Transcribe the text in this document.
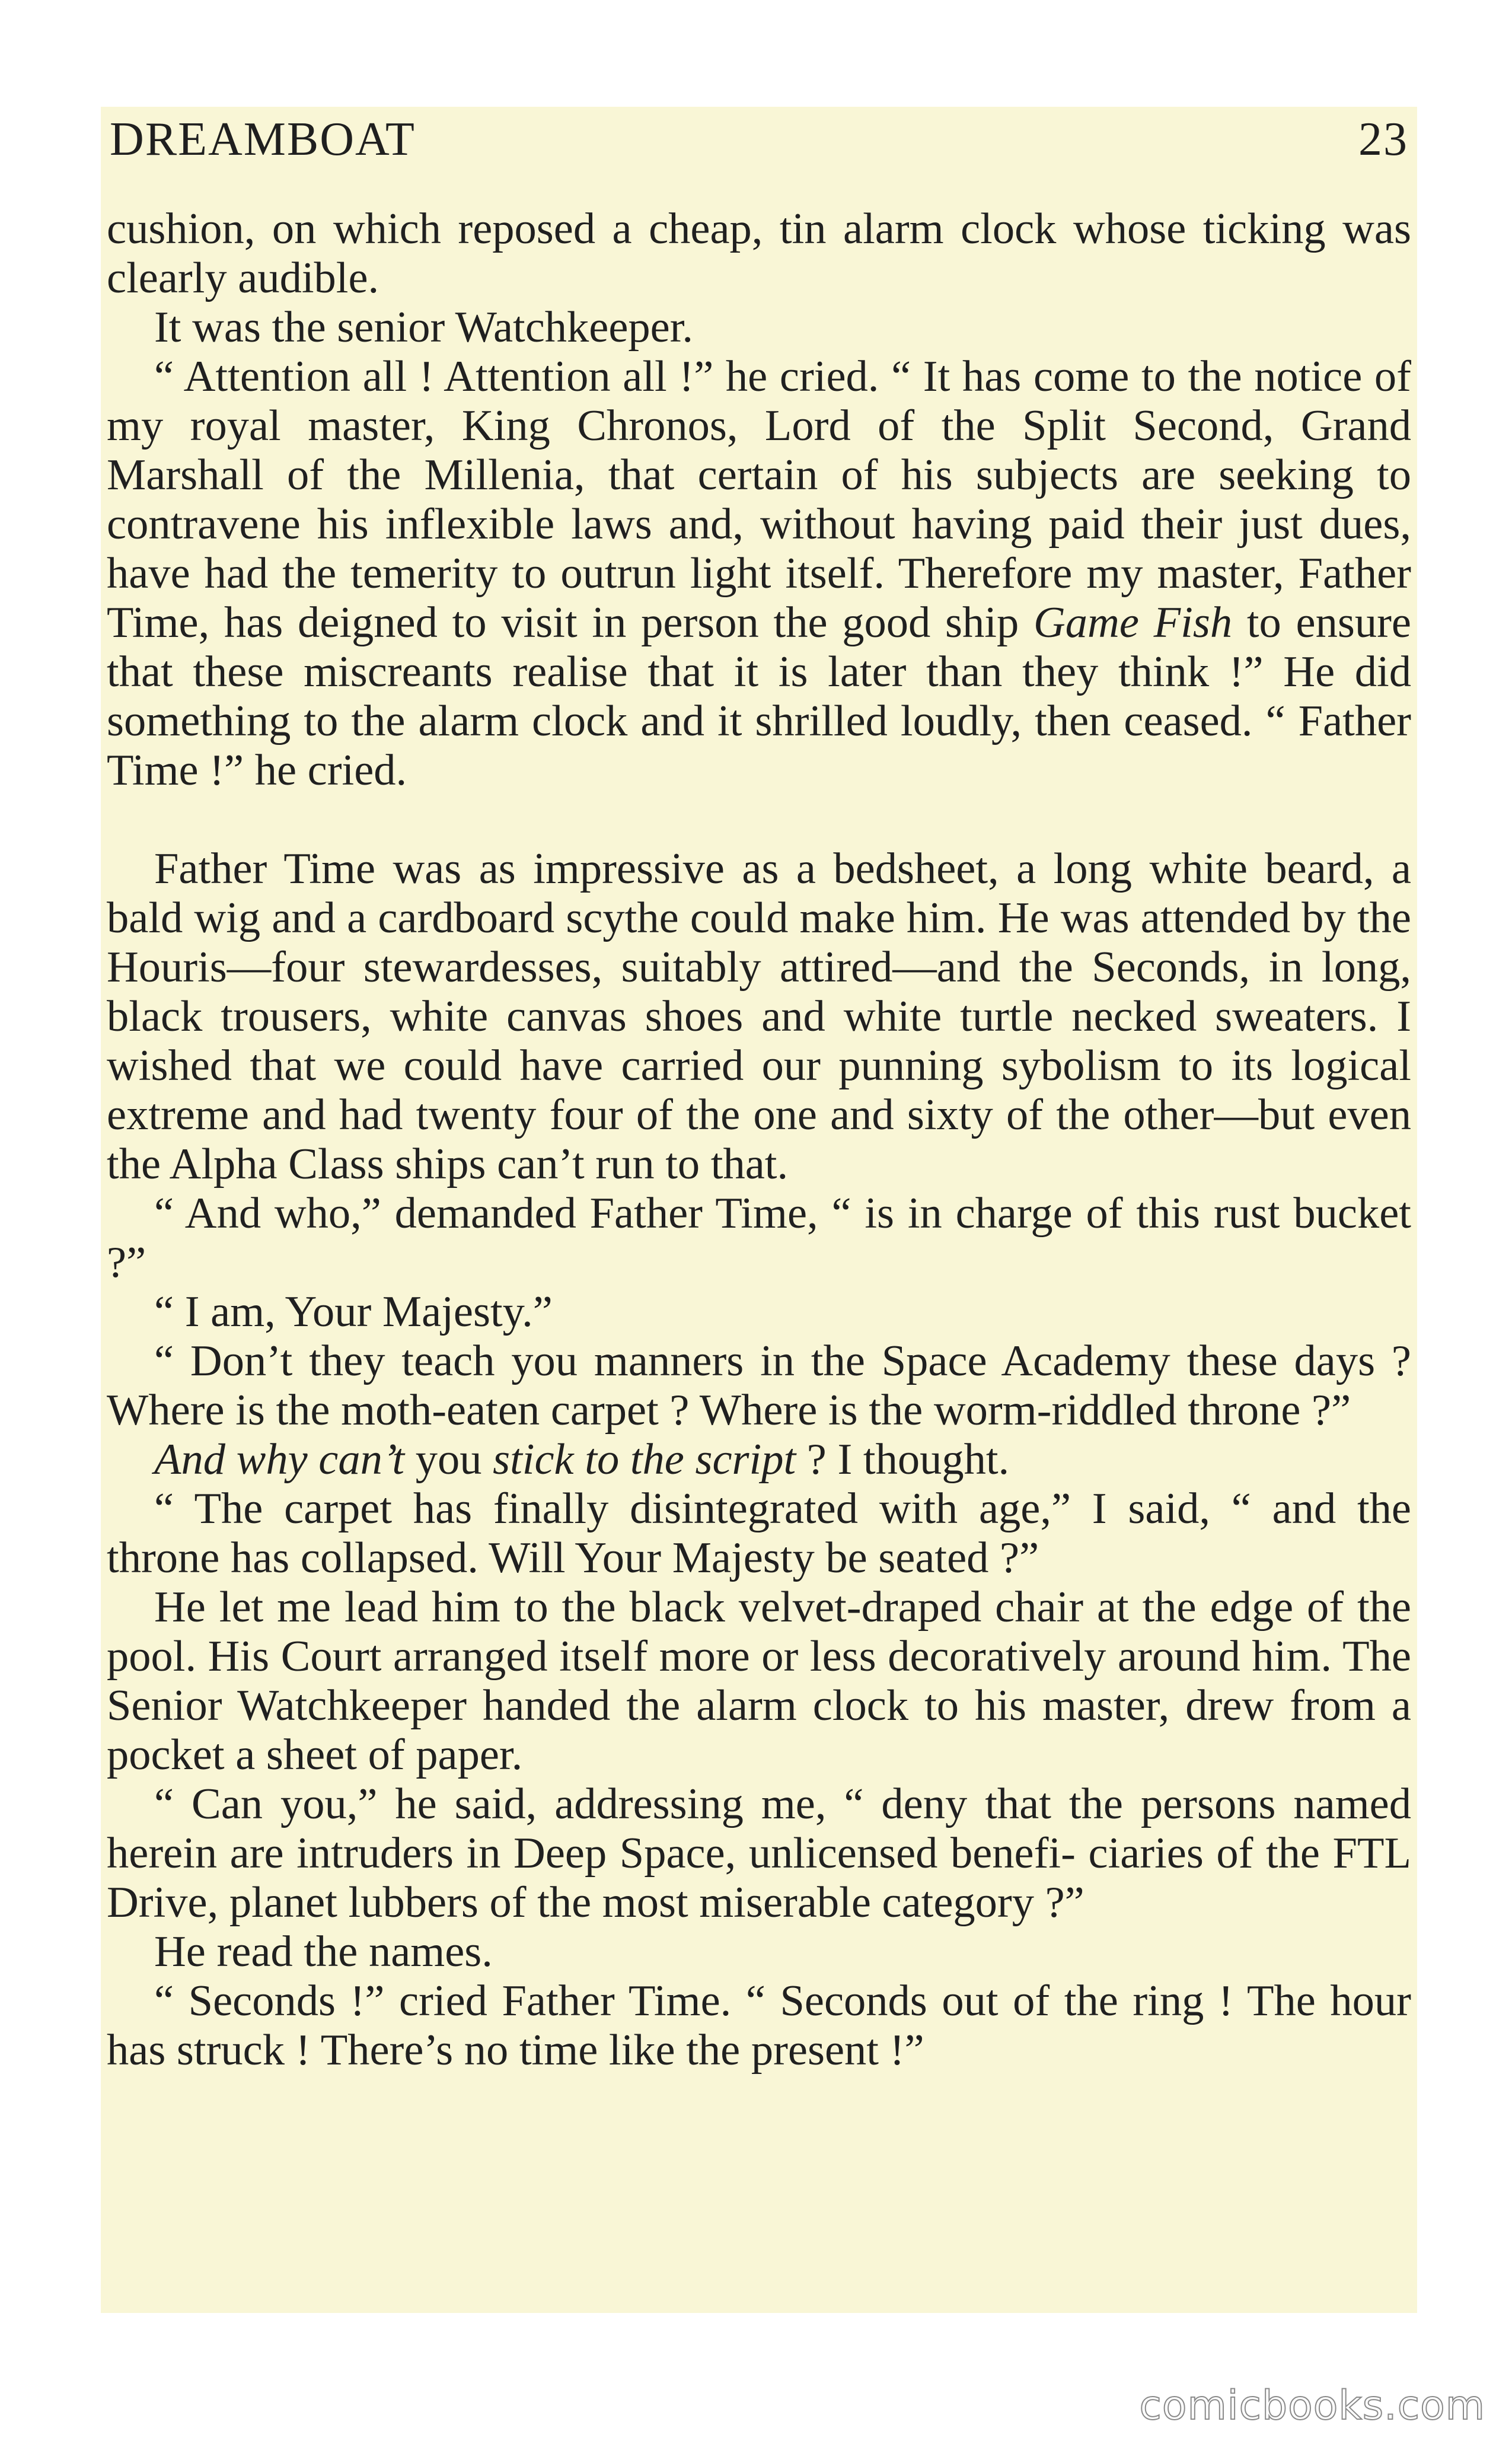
DREAMBOAT	23

cushion, on which reposed a cheap, tin alarm clock whose ticking was clearly audible.

It was the senior Watchkeeper.

“ Attention all ! Attention all !” he cried. “ It has come to the notice of my royal master, King Chronos, Lord of the Split Second, Grand Marshall of the Millenia, that certain of his subjects are seeking to contravene his inflexible laws and, without having paid their just dues, have had the temerity to outrun light itself. Therefore my master, Father Time, has deigned to visit in person the good ship Game Fish to ensure that these miscreants realise that it is later than they think !” He did something to the alarm clock and it shrilled loudly, then ceased. “ Father Time !” he cried.

Father Time was as impressive as a bedsheet, a long white beard, a bald wig and a cardboard scythe could make him. He was attended by the Houris—four stewardesses, suitably attired—and the Seconds, in long, black trousers, white canvas shoes and white turtle necked sweaters. I wished that we could have carried our punning sybolism to its logical extreme and had twenty four of the one and sixty of the other—but even the Alpha Class ships can’t run to that.

“ And who,” demanded Father Time, “ is in charge of this rust bucket ?”

“ I am, Your Majesty.”

“ Don’t they teach you manners in the Space Academy these days ? Where is the moth-eaten carpet ? Where is the worm-riddled throne ?”

And why can’t you stick to the script ? I thought.

“ The carpet has finally disintegrated with age,” I said, “ and the throne has collapsed. Will Your Majesty be seated ?”

He let me lead him to the black velvet-draped chair at the edge of the pool. His Court arranged itself more or less decoratively around him. The Senior Watchkeeper handed the alarm clock to his master, drew from a pocket a sheet of paper.

“ Can you,” he said, addressing me, “ deny that the persons named herein are intruders in Deep Space, unlicensed benefi- ciaries of the FTL Drive, planet lubbers of the most miserable category ?”

He read the names.

“ Seconds !” cried Father Time. “ Seconds out of the ring ! The hour has struck ! There’s no time like the present !”

comicbooks.com
